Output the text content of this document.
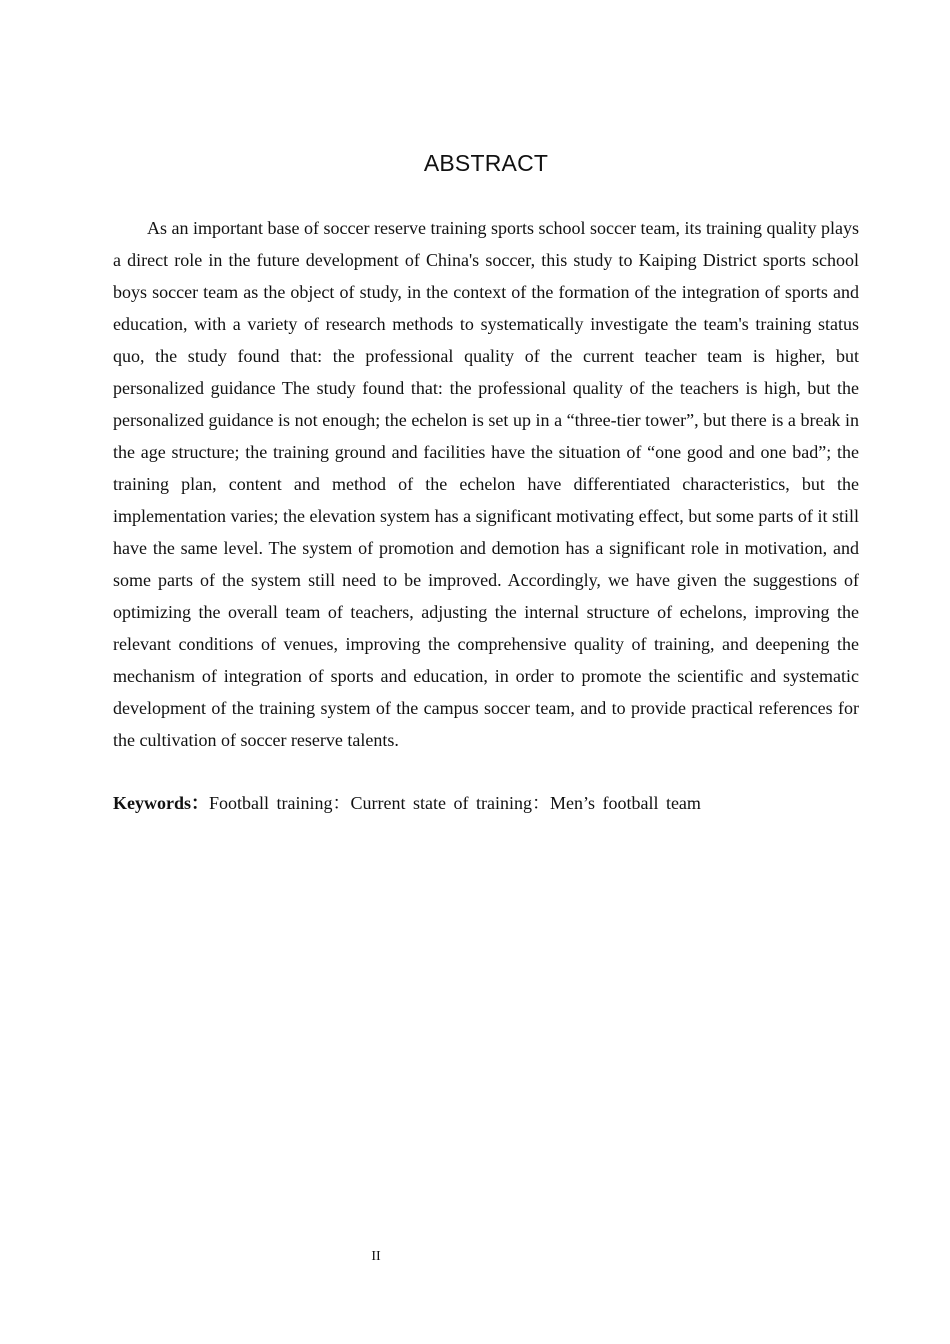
ABSTRACT

As an important base of soccer reserve training sports school soccer team, its training quality plays a direct role in the future development of China's soccer, this study to Kaiping District sports school boys soccer team as the object of study, in the context of the formation of the integration of sports and education, with a variety of research methods to systematically investigate the team's training status quo, the study found that: the professional quality of the current teacher team is higher, but personalized guidance The study found that: the professional quality of the teachers is high, but the personalized guidance is not enough; the echelon is set up in a “three-tier tower”, but there is a break in the age structure; the training ground and facilities have the situation of “one good and one bad”; the training plan, content and method of the echelon have differentiated characteristics, but the implementation varies; the elevation system has a significant motivating effect, but some parts of it still have the same level. The system of promotion and demotion has a significant role in motivation, and some parts of the system still need to be improved. Accordingly, we have given the suggestions of optimizing the overall team of teachers, adjusting the internal structure of echelons, improving the relevant conditions of venues, improving the comprehensive quality of training, and deepening the mechanism of integration of sports and education, in order to promote the scientific and systematic development of the training system of the campus soccer team, and to provide practical references for the cultivation of soccer reserve talents.

Keywords：Football training：Current state of training：Men’s football team

II
